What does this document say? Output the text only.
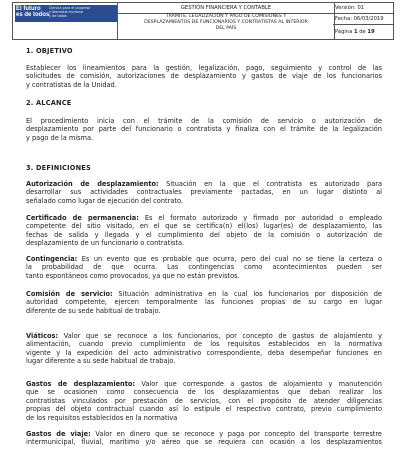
El futuro
es de todos
Ciencia para el progreso
y bienestar humano
y de todas
GESTIÓN FINANCIERA Y CONTABLE
TRÁMITE, LEGALIZACIÓN Y PAGO DE COMISIONES Y
DESPLAZAMIENTOS DE FUNCIONARIOS Y CONTRATISTAS AL INTERIOR
DEL PAÍS
Versión: 01
Fecha: 06/03/2019
Página 1 de 19
1. OBJETIVO
Establecer los lineamientos para la gestión, legalización, pago, seguimiento y control de las
solicitudes de comisión, autorizaciones de desplazamiento y gastos de viaje de los funcionarios
y contratistas de la Unidad.
2. ALCANCE
El procedimiento inicia con el trámite de la comisión de servicio o autorización de
desplazamiento por parte del funcionario o contratista y finaliza con el trámite de la legalización
y pago de la misma.
3. DEFINICIONES
Autorización de desplazamiento: Situación en la que el contratista es autorizado para
desarrollar sus actividades contractuales previamente pactadas, en un lugar distinto al
señalado como lugar de ejecución del contrato.
Certificado de permanencia: Es el formato autorizado y firmado por autoridad o empleado
competente del sitio visitado, en el que se certifica(n) el(los) lugar(es) de desplazamiento, las
fechas de salida y llegada y el cumplimiento del objeto de la comisión o autorización de
desplazamiento de un funcionario o contratista.
Contingencia: Es un evento que es probable que ocurra, pero del cual no se tiene la certeza o
la probabilidad de que ocurra. Las contingencias como acontecimientos pueden ser
tanto espontáneos como provocados, ya que no están previstos.
Comisión de servicio: Situación administrativa en la cual los funcionarios por disposición de
autoridad competente, ejercen temporalmente las funciones propias de su cargo en lugar
diferente de su sede habitual de trabajo.
Viáticos: Valor que se reconoce a los funcionarios, por concepto de gastos de alojamiento y
alimentación, cuando previo cumplimiento de los requisitos establecidos en la normativa
vigente y la expedición del acto administrativo correspondiente, deba desempeñar funciones en
lugar diferente a su sede habitual de trabajo.
Gastos de desplazamiento: Valor que corresponde a gastos de alojamiento y manutención
que se ocasionen como consecuencia de los desplazamientos que deban realizar los
contratistas vinculados por prestación de servicios, con el propósito de atender diligencias
propias del objeto contractual cuando así lo estipule el respectivo contrato, previo cumplimiento
de los requisitos establecidos en la normativa
Gastos de viaje: Valor en dinero que se reconoce y paga por concepto del transporte terrestre
intermunicipal, fluvial, marítimo y/o aéreo que se requiera con ocasión a los desplazamientos
